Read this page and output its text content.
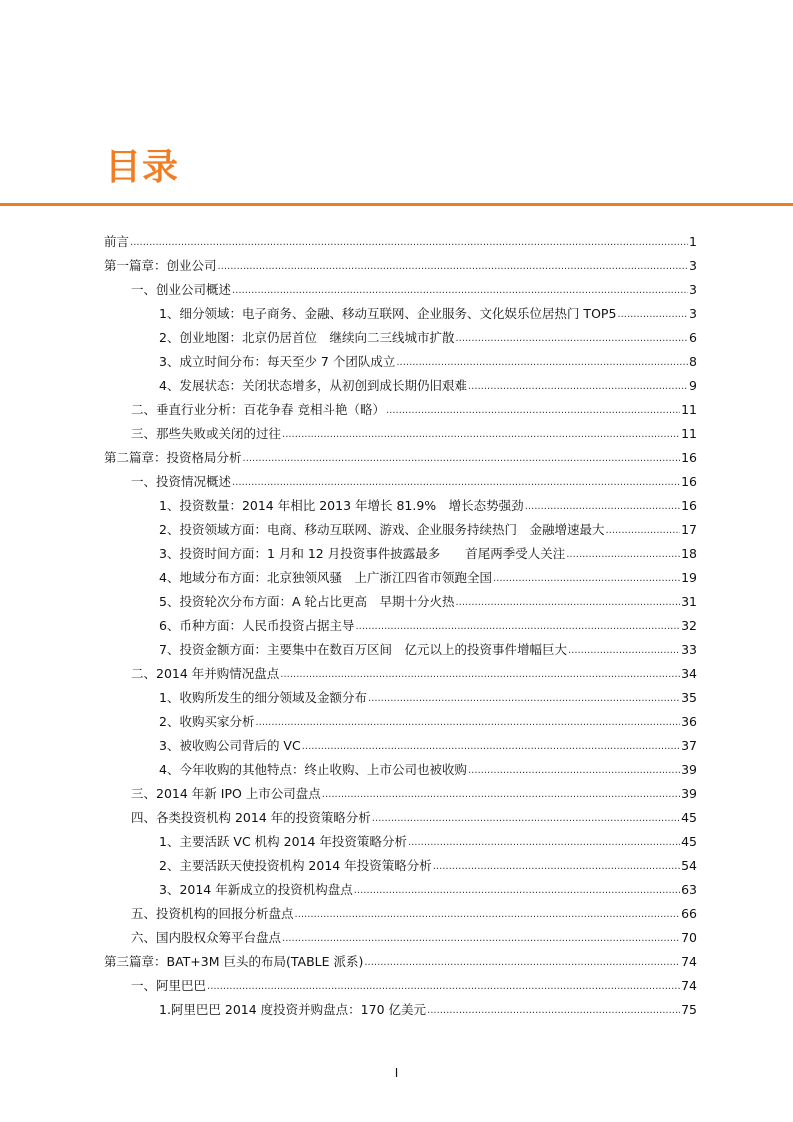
目录
前言 .....	1
第一篇章：创业公司 .....	3
一、创业公司概述 .....	3
1、细分领域：电子商务、金融、移动互联网、企业服务、文化娱乐位居热门 TOP5 .....	3
2、创业地图：北京仍居首位　继续向二三线城市扩散 .....	6
3、成立时间分布：每天至少 7 个团队成立 .....	8
4、发展状态：关闭状态增多，从初创到成长期仍旧艰难 .....	9
二、垂直行业分析：百花争春 竞相斗艳（略） .....	11
三、那些失败或关闭的过往 .....	11
第二篇章：投资格局分析 .....	16
一、投资情况概述 .....	16
1、投资数量：2014 年相比 2013 年增长 81.9%　增长态势强劲 .....	16
2、投资领域方面：电商、移动互联网、游戏、企业服务持续热门　金融增速最大 .....	17
3、投资时间方面：1 月和 12 月投资事件披露最多　　首尾两季受人关注 .....	18
4、地域分布方面：北京独领风骚　上广浙江四省市领跑全国 .....	19
5、投资轮次分布方面：A 轮占比更高　早期十分火热 .....	31
6、币种方面：人民币投资占据主导 .....	32
7、投资金额方面：主要集中在数百万区间　亿元以上的投资事件增幅巨大 .....	33
二、2014 年并购情况盘点 .....	34
1、收购所发生的细分领域及金额分布 .....	35
2、收购买家分析 .....	36
3、被收购公司背后的 VC .....	37
4、今年收购的其他特点：终止收购、上市公司也被收购 .....	39
三、2014 年新 IPO 上市公司盘点 .....	39
四、各类投资机构 2014 年的投资策略分析 .....	45
1、主要活跃 VC 机构 2014 年投资策略分析 .....	45
2、主要活跃天使投资机构 2014 年投资策略分析 .....	54
3、2014 年新成立的投资机构盘点 .....	63
五、投资机构的回报分析盘点 .....	66
六、国内股权众筹平台盘点 .....	70
第三篇章：BAT+3M 巨头的布局(TABLE 派系) .....	74
一、阿里巴巴 .....	74
1.阿里巴巴 2014 度投资并购盘点：170 亿美元 .....	75
I
